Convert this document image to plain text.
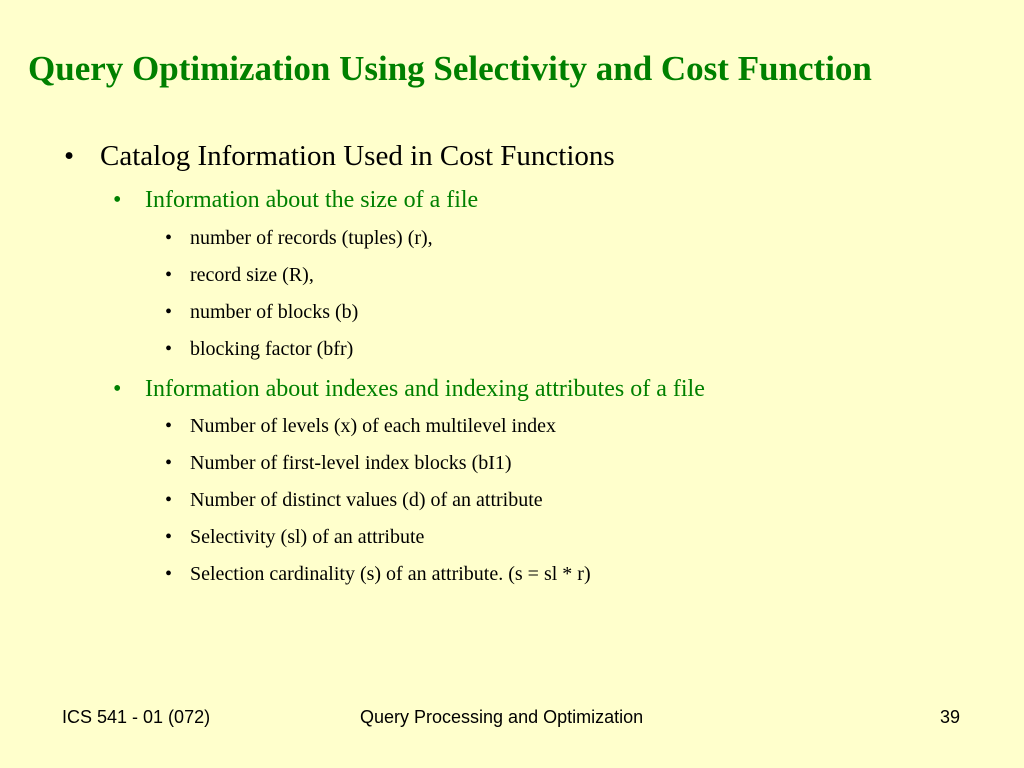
Query Optimization Using Selectivity and Cost Function
• Catalog Information Used in Cost Functions
• Information about the size of a file
• number of records (tuples) (r),
• record size (R),
• number of blocks (b)
• blocking factor (bfr)
• Information about indexes and indexing attributes of a file
• Number of levels (x) of each multilevel index
• Number of first-level index blocks (bI1)
• Number of distinct values (d) of an attribute
• Selectivity (sl) of an attribute
• Selection cardinality (s) of an attribute. (s = sl * r)
ICS 541 - 01 (072)	Query Processing and Optimization	39
